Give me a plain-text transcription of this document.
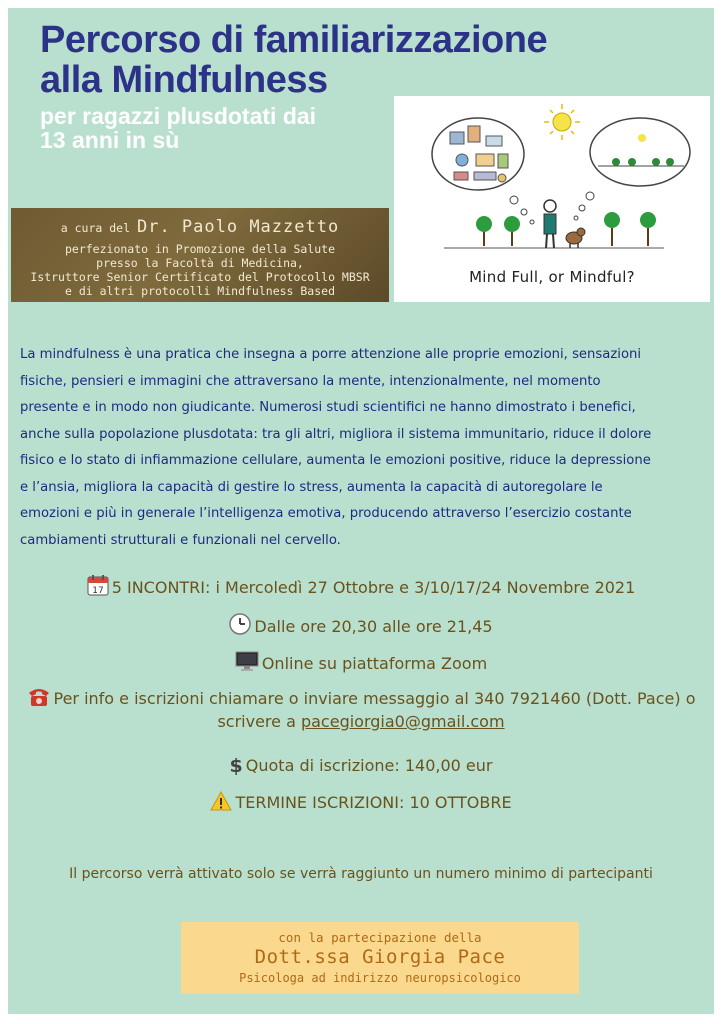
Percorso di familiarizzazione
alla Mindfulness
per ragazzi plusdotati dai
13 anni in sù
a cura del Dr. Paolo Mazzetto
perfezionato in Promozione della Salute
presso la Facoltà di Medicina,
Istruttore Senior Certificato del Protocollo MBSR
e di altri protocolli Mindfulness Based
Mind Full, or Mindful?
La mindfulness è una pratica che insegna a porre attenzione alle proprie emozioni, sensazioni
fisiche, pensieri e immagini che attraversano la mente, intenzionalmente, nel momento
presente e in modo non giudicante. Numerosi studi scientifici ne hanno dimostrato i benefici,
anche sulla popolazione plusdotata: tra gli altri, migliora il sistema immunitario, riduce il dolore
fisico e lo stato di infiammazione cellulare, aumenta le emozioni positive, riduce la depressione
e l’ansia, migliora la capacità di gestire lo stress, aumenta la capacità di autoregolare le
emozioni e più in generale l’intelligenza emotiva, producendo attraverso l’esercizio costante
cambiamenti strutturali e funzionali nel cervello.
17 5 INCONTRI: i Mercoledì 27 Ottobre e 3/10/17/24 Novembre 2021
Dalle ore 20,30 alle ore 21,45
Online su piattaforma Zoom
Per info e iscrizioni chiamare o inviare messaggio al 340 7921460 (Dott. Pace) o
scrivere a pacegiorgia0@gmail.com
$ Quota di iscrizione: 140,00 eur
TERMINE ISCRIZIONI: 10 OTTOBRE
Il percorso verrà attivato solo se verrà raggiunto un numero minimo di partecipanti
con la partecipazione della
Dott.ssa Giorgia Pace
Psicologa ad indirizzo neuropsicologico
